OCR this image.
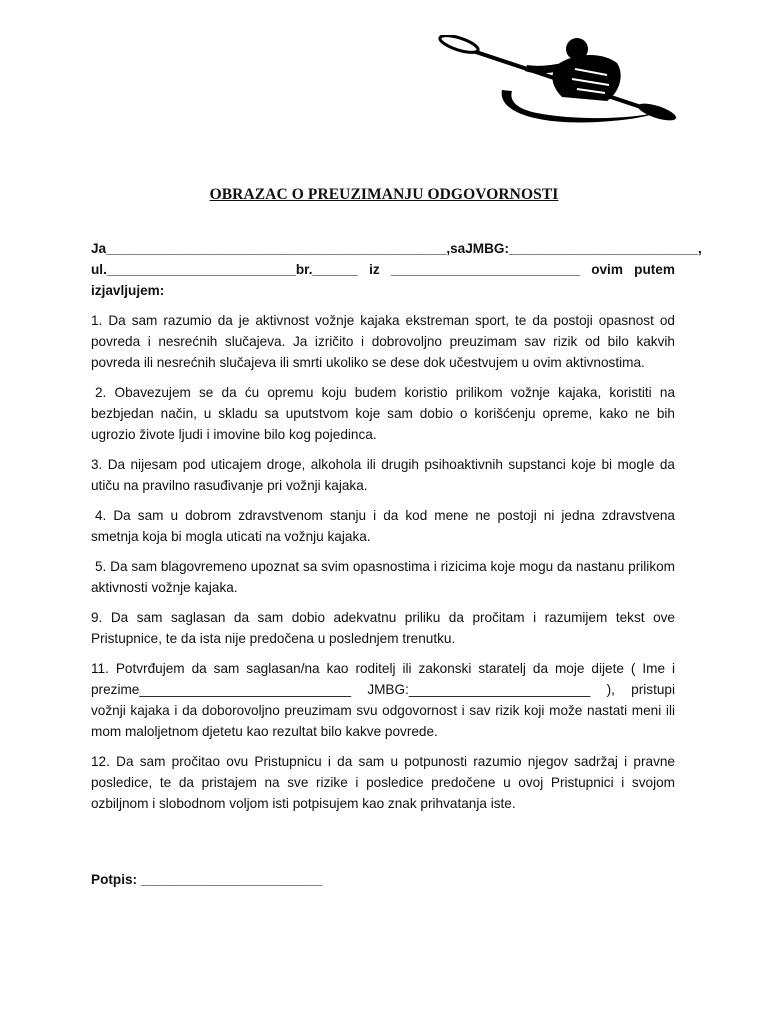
OBRAZAC O PREUZIMANJU ODGOVORNOSTI
Ja_____________________________________________,sa JMBG:_________________________,
ul._________________________br.______ iz _________________________ ovim putem
izjavljujem:

1. Da sam razumio da je aktivnost vožnje kajaka ekstreman sport, te da postoji opasnost od povreda i nesrećnih slučajeva. Ja izričito i dobrovoljno preuzimam sav rizik od bilo kakvih povreda ili nesrećnih slučajeva ili smrti ukoliko se dese dok učestvujem u ovim aktivnostima.

2. Obavezujem se da ću opremu koju budem koristio prilikom vožnje kajaka, koristiti na bezbjedan način, u skladu sa uputstvom koje sam dobio o korišćenju opreme, kako ne bih ugrozio živote ljudi i imovine bilo kog pojedinca.

3. Da nijesam pod uticajem droge, alkohola ili drugih psihoaktivnih supstanci koje bi mogle da utiču na pravilno rasuđivanje pri vožnji kajaka.

4. Da sam u dobrom zdravstvenom stanju i da kod mene ne postoji ni jedna zdravstvena smetnja koja bi mogla uticati na vožnju kajaka.

5. Da sam blagovremeno upoznat sa svim opasnostima i rizicima koje mogu da nastanu prilikom aktivnosti vožnje kajaka.

9. Da sam saglasan da sam dobio adekvatnu priliku da pročitam i razumijem tekst ove Pristupnice, te da ista nije predočena u poslednjem trenutku.

11. Potvrđujem da sam saglasan/na kao roditelj ili zakonski staratelj da moje dijete ( Ime i prezime____________________________ JMBG:________________________ ), pristupi vožnji kajaka i da doborovoljno preuzimam svu odgovornost i sav rizik koji može nastati meni ili mom maloljetnom djetetu kao rezultat bilo kakve povrede.

12. Da sam pročitao ovu Pristupnicu i da sam u potpunosti razumio njegov sadržaj i pravne posledice, te da pristajem na sve rizike i posledice predočene u ovoj Pristupnici i svojom ozbiljnom i slobodnom voljom isti potpisujem kao znak prihvatanja iste.

Potpis: ________________________
